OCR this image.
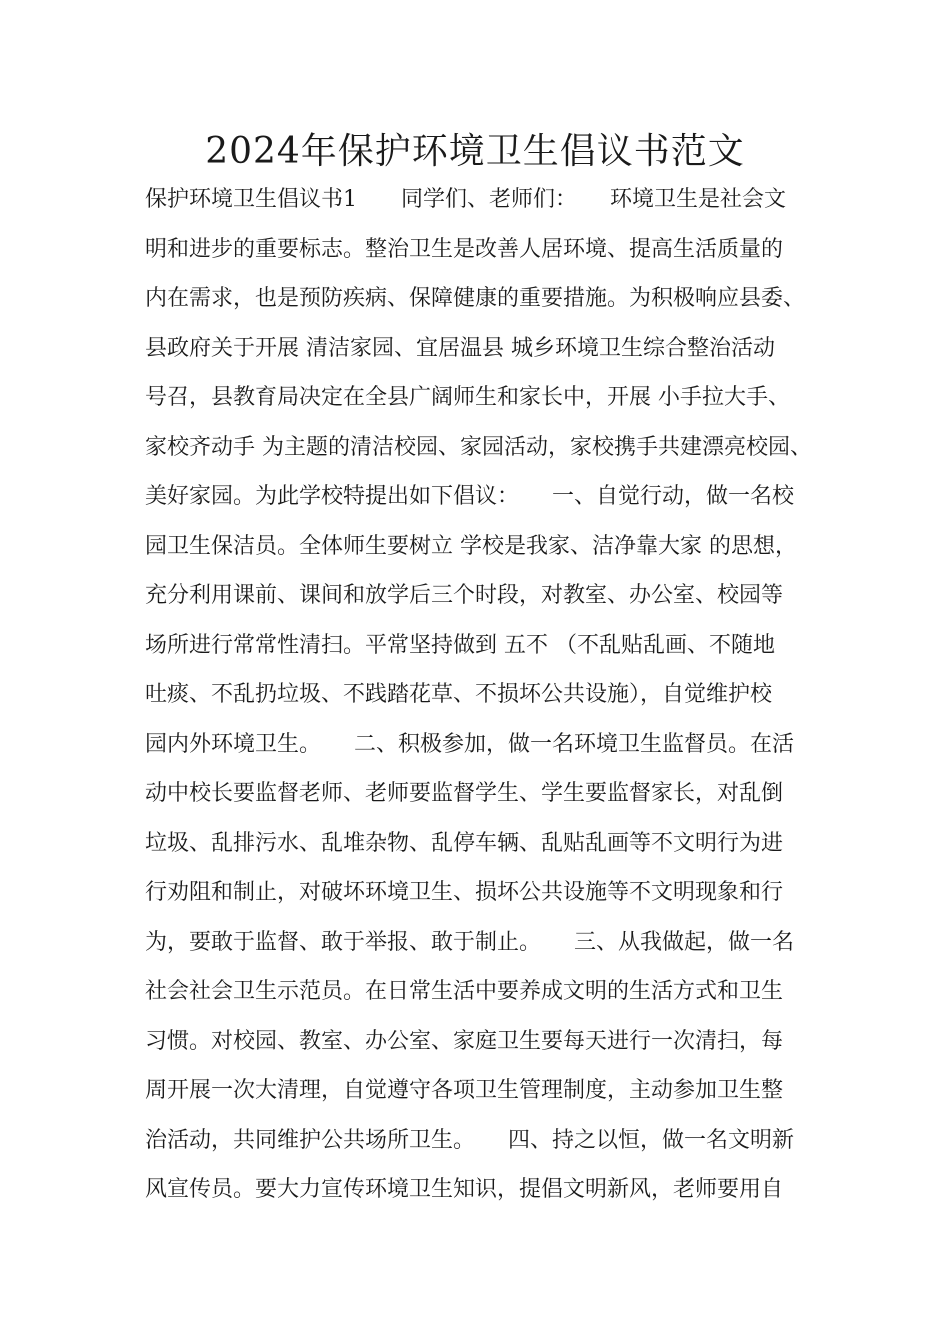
2024年保护环境卫生倡议书范文
保护环境卫生倡议书1　　同学们、老师们：　　环境卫生是社会文
明和进步的重要标志。整治卫生是改善人居环境、提高生活质量的
内在需求，也是预防疾病、保障健康的重要措施。为积极响应县委、
县政府关于开展 清洁家园、宜居温县 城乡环境卫生综合整治活动
号召，县教育局决定在全县广阔师生和家长中，开展 小手拉大手、
家校齐动手 为主题的清洁校园、家园活动，家校携手共建漂亮校园、
美好家园。为此学校特提出如下倡议：　　一、自觉行动，做一名校
园卫生保洁员。全体师生要树立 学校是我家、洁净靠大家 的思想，
充分利用课前、课间和放学后三个时段，对教室、办公室、校园等
场所进行常常性清扫。平常坚持做到 五不 （不乱贴乱画、不随地
吐痰、不乱扔垃圾、不践踏花草、不损坏公共设施），自觉维护校
园内外环境卫生。　　二、积极参加，做一名环境卫生监督员。在活
动中校长要监督老师、老师要监督学生、学生要监督家长，对乱倒
垃圾、乱排污水、乱堆杂物、乱停车辆、乱贴乱画等不文明行为进
行劝阻和制止，对破坏环境卫生、损坏公共设施等不文明现象和行
为，要敢于监督、敢于举报、敢于制止。　　三、从我做起，做一名
社会社会卫生示范员。在日常生活中要养成文明的生活方式和卫生
习惯。对校园、教室、办公室、家庭卫生要每天进行一次清扫，每
周开展一次大清理，自觉遵守各项卫生管理制度，主动参加卫生整
治活动，共同维护公共场所卫生。　　四、持之以恒，做一名文明新
风宣传员。要大力宣传环境卫生知识，提倡文明新风，老师要用自
